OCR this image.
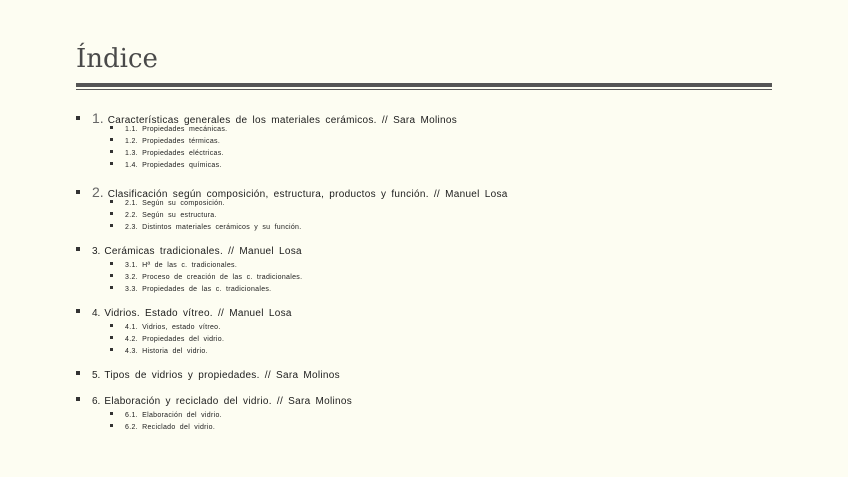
Índice
1. Características generales de los materiales cerámicos. // Sara Molinos
1.1. Propiedades mecánicas.
1.2. Propiedades térmicas.
1.3. Propiedades eléctricas.
1.4. Propiedades químicas.
2. Clasificación según composición, estructura, productos y función. // Manuel Losa
2.1. Según su composición.
2.2. Según su estructura.
2.3. Distintos materiales cerámicos y su función.
3. Cerámicas tradicionales. // Manuel Losa
3.1. Hª de las c. tradicionales.
3.2. Proceso de creación de las c. tradicionales.
3.3. Propiedades de las c. tradicionales.
4. Vidrios. Estado vítreo. // Manuel Losa
4.1. Vidrios, estado vítreo.
4.2. Propiedades del vidrio.
4.3. Historia del vidrio.
5. Tipos de vidrios y propiedades. // Sara Molinos
6. Elaboración y reciclado del vidrio. // Sara Molinos
6.1. Elaboración del vidrio.
6.2. Reciclado del vidrio.
